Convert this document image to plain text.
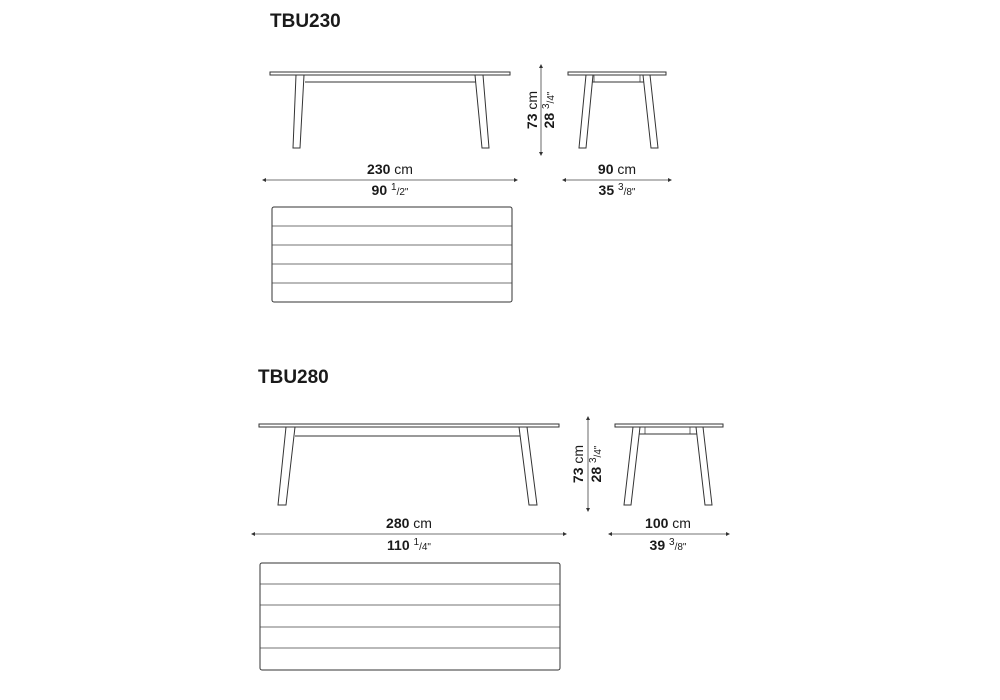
TBU230
73 cm
28 $^3$/4"
230 cm
90 $^1$/2"
90 cm
35 $^3$/8"
TBU280
73 cm
28 $^3$/4"
280 cm
110 $^1$/4"
100 cm
39 $^3$/8"
